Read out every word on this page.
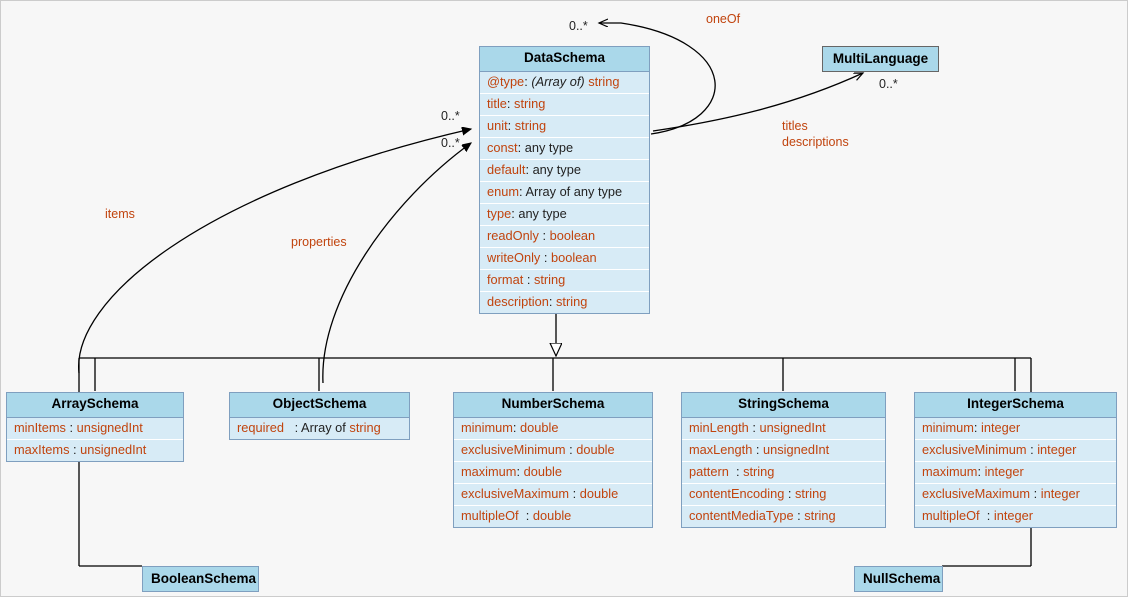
DataSchema
@type: (Array of) string
title: string
unit: string
const: any type
default: any type
enum: Array of any type
type: any type
readOnly : boolean
writeOnly : boolean
format : string
description: string
MultiLanguage
ArraySchema
minItems : unsignedInt
maxItems : unsignedInt
ObjectSchema
required : Array of string
NumberSchema
minimum: double
exclusiveMinimum : double
maximum: double
exclusiveMaximum : double
multipleOf : double
StringSchema
minLength : unsignedInt
maxLength : unsignedInt
pattern : string
contentEncoding : string
contentMediaType : string
IntegerSchema
minimum: integer
exclusiveMinimum : integer
maximum: integer
exclusiveMaximum : integer
multipleOf : integer
BooleanSchema	NullSchema
oneOf
items
properties
titles
descriptions
0..*
0..*
0..*
0..*
